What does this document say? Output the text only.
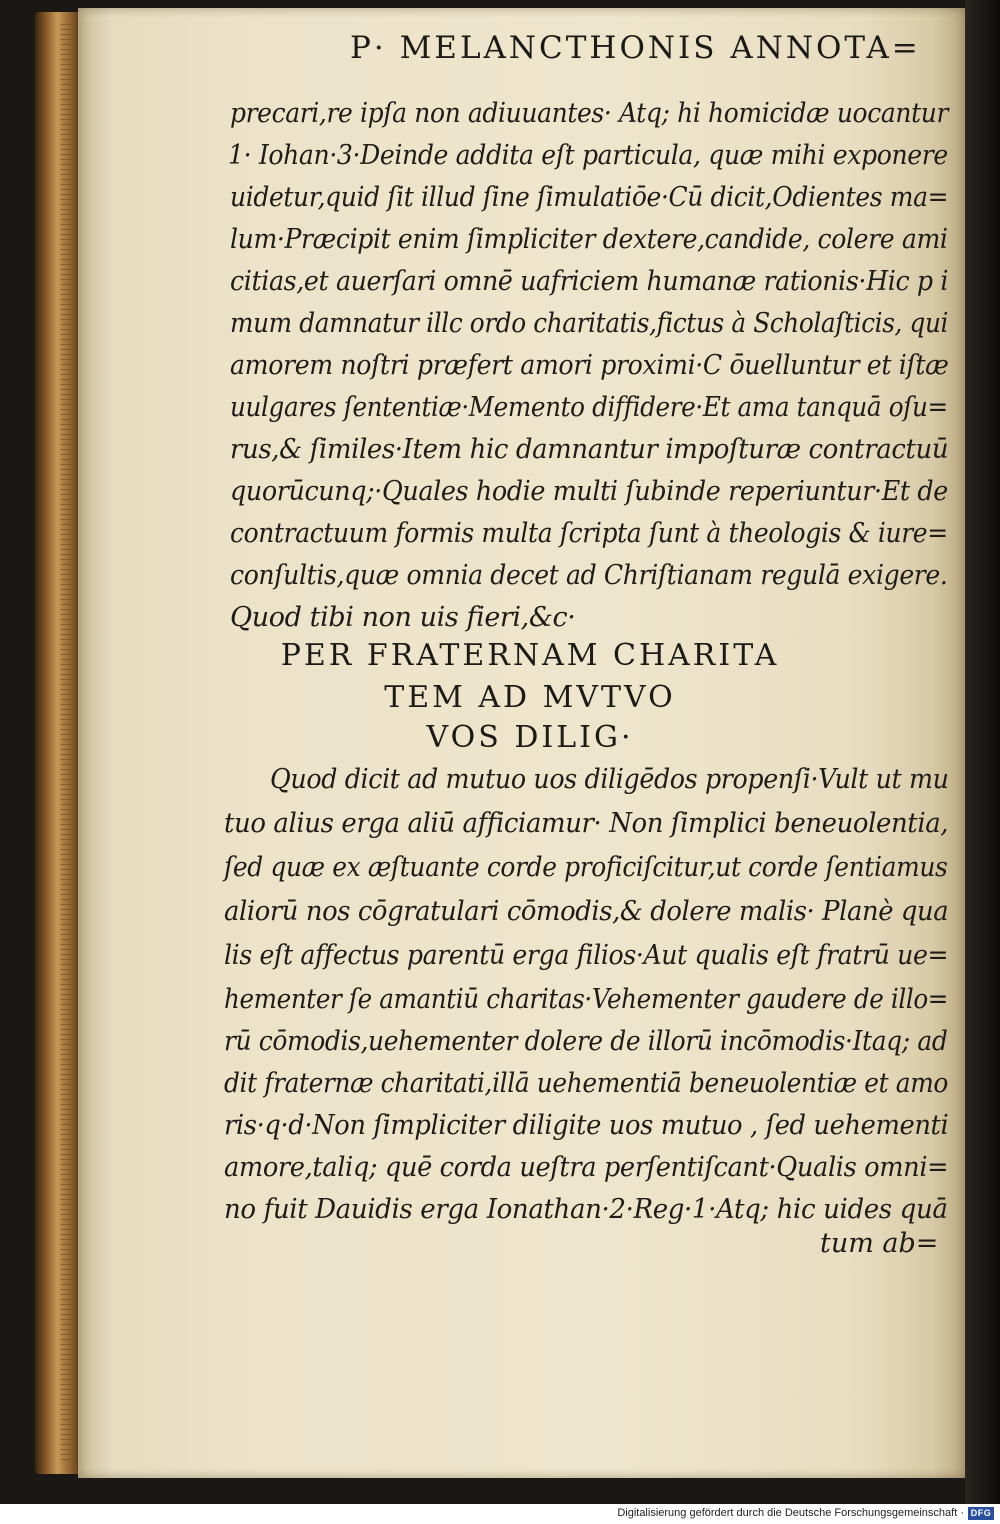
P· MELANCTHONIS ANNOTA=

precari,re ipſa non adiuuantes· Atq; hi homicidæ uocantur

1· Iohan·3·Deinde addita eſt particula, quæ mihi exponere

uidetur,quid ſit illud ſine ſimulatiōe·Cū dicit,Odientes ma=

lum·Præcipit enim ſimpliciter dextere,candide, colere ami

citias,et auerſari omnē uafriciem humanæ rationis·Hic p i

mum damnatur illc ordo charitatis,fictus à Scholaſticis, qui

amorem noſtri præfert amori proximi·C ōuelluntur et iſtæ

uulgares ſententiæ·Memento diffidere·Et ama tanquā oſu=

rus,& ſimiles·Item hic damnantur impoſturæ contractuū

quorūcunq;·Quales hodie multi ſubinde reperiuntur·Et de

contractuum formis multa ſcripta ſunt à theologis & iure=

conſultis,quæ omnia decet ad Chriſtianam regulā exigere.

Quod tibi non uis fieri,&c·

PER FRATERNAM CHARITA
TEM AD MVTVO
VOS DILIG·

Quod dicit ad mutuo uos diligēdos propenſi·Vult ut mu

tuo alius erga aliū afficiamur· Non ſimplici beneuolentia,

ſed quæ ex æſtuante corde proficiſcitur,ut corde ſentiamus

aliorū nos cōgratulari cōmodis,& dolere malis· Planè qua

lis eſt affectus parentū erga filios·Aut qualis eſt fratrū ue=

hementer ſe amantiū charitas·Vehementer gaudere de illo=

rū cōmodis,uehementer dolere de illorū incōmodis·Itaq; ad

dit fraternæ charitati,illā uehementiā beneuolentiæ et amo

ris·q·d·Non ſimpliciter diligite uos mutuo , ſed uehementi

amore,taliq; quē corda ueſtra perſentiſcant·Qualis omni=

no fuit Dauidis erga Ionathan·2·Reg·1·Atq; hic uides quā

tum ab=

Digitalisierung gefördert durch die Deutsche Forschungsgemeinschaft · DFG
